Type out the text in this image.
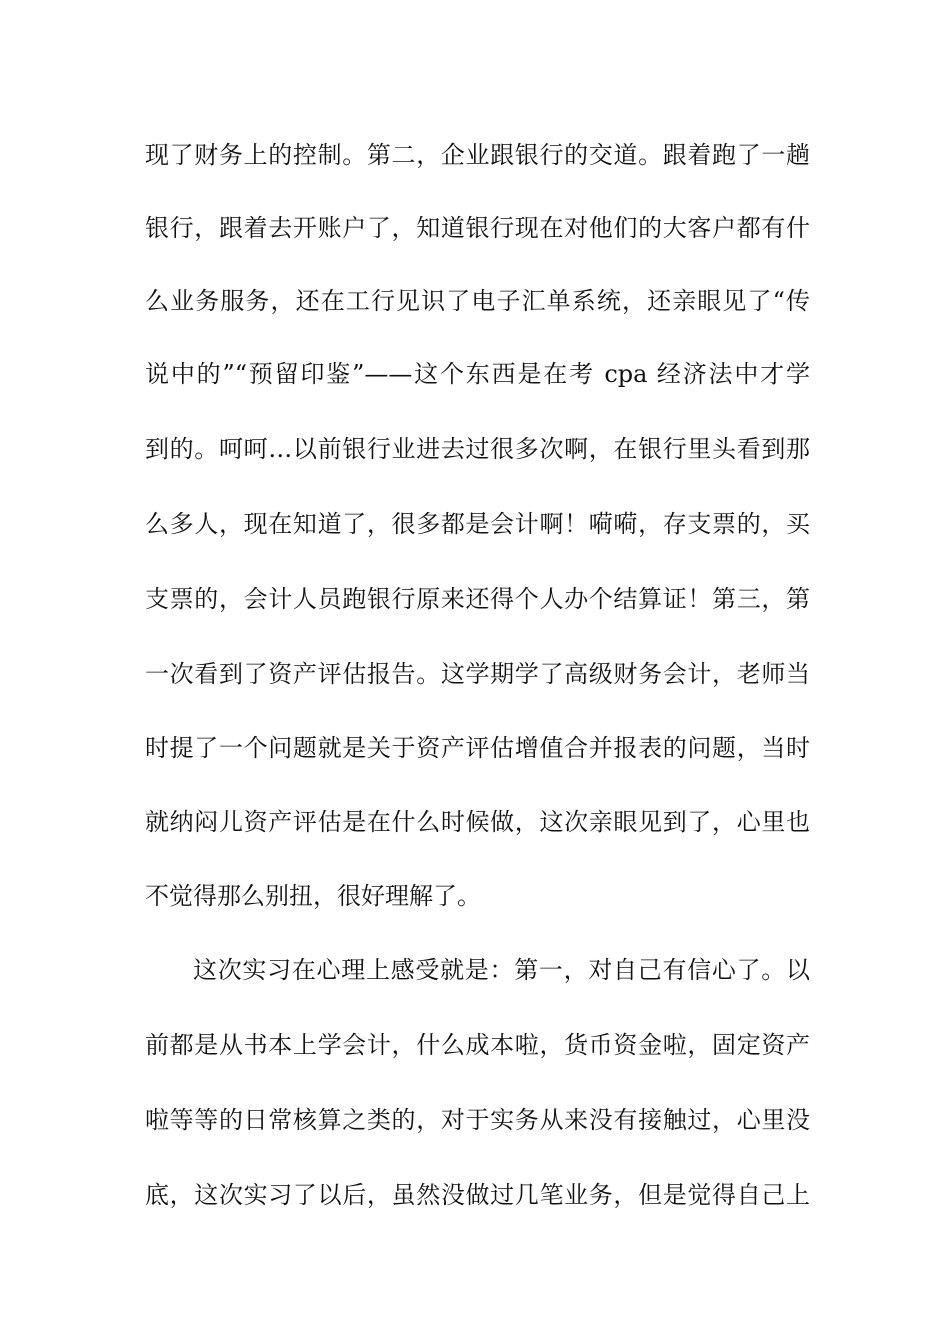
现了财务上的控制。第二，企业跟银行的交道。跟着跑了一趟
银行，跟着去开账户了，知道银行现在对他们的大客户都有什
么业务服务，还在工行见识了电子汇单系统，还亲眼见了“传
说中的”“预留印鉴”——这个东西是在考 cpa 经济法中才学
到的。呵呵…以前银行业进去过很多次啊，在银行里头看到那
么多人，现在知道了，很多都是会计啊！嗬嗬，存支票的，买
支票的，会计人员跑银行原来还得个人办个结算证！第三，第
一次看到了资产评估报告。这学期学了高级财务会计，老师当
时提了一个问题就是关于资产评估增值合并报表的问题，当时
就纳闷儿资产评估是在什么时候做，这次亲眼见到了，心里也
不觉得那么别扭，很好理解了。
这次实习在心理上感受就是：第一，对自己有信心了。以
前都是从书本上学会计，什么成本啦，货币资金啦，固定资产
啦等等的日常核算之类的，对于实务从来没有接触过，心里没
底，这次实习了以后，虽然没做过几笔业务，但是觉得自己上
